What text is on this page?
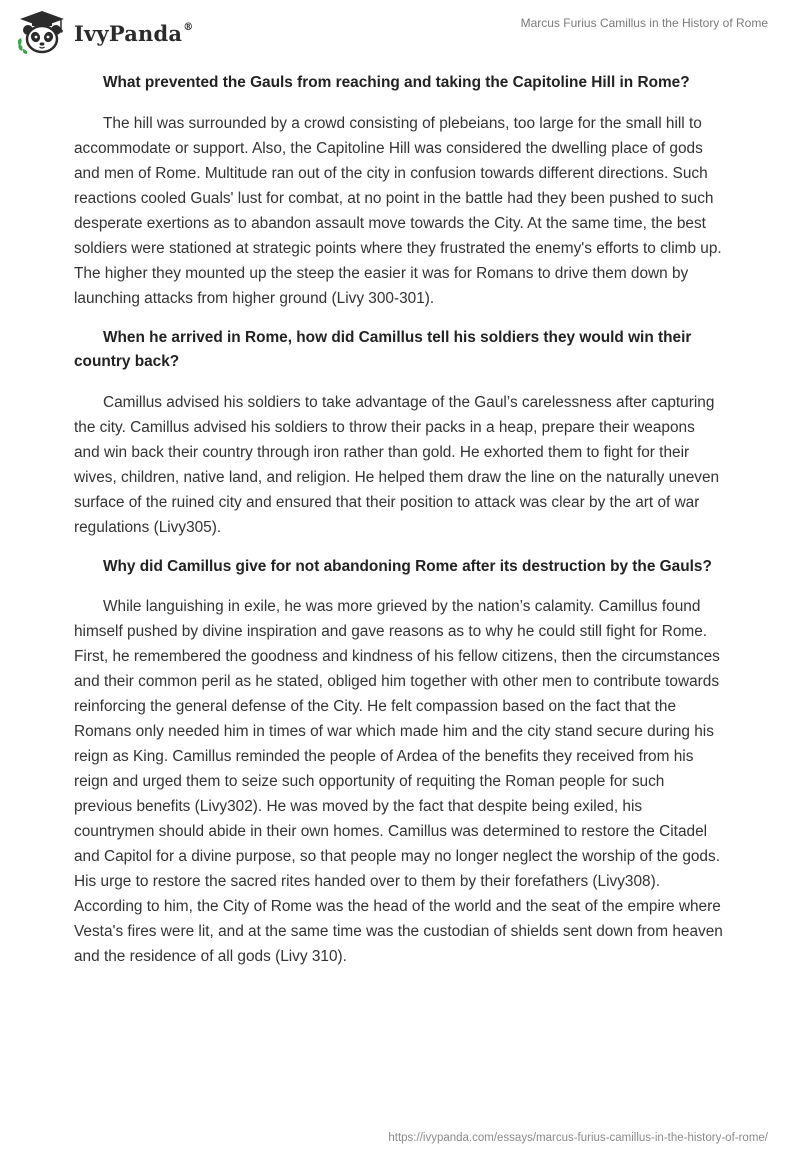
IvyPanda®	Marcus Furius Camillus in the History of Rome

What prevented the Gauls from reaching and taking the Capitoline Hill in Rome?

The hill was surrounded by a crowd consisting of plebeians, too large for the small hill to accommodate or support. Also, the Capitoline Hill was considered the dwelling place of gods and men of Rome. Multitude ran out of the city in confusion towards different directions. Such reactions cooled Guals' lust for combat, at no point in the battle had they been pushed to such desperate exertions as to abandon assault move towards the City. At the same time, the best soldiers were stationed at strategic points where they frustrated the enemy's efforts to climb up. The higher they mounted up the steep the easier it was for Romans to drive them down by launching attacks from higher ground (Livy 300-301).

When he arrived in Rome, how did Camillus tell his soldiers they would win their country back?

Camillus advised his soldiers to take advantage of the Gaul’s carelessness after capturing the city. Camillus advised his soldiers to throw their packs in a heap, prepare their weapons and win back their country through iron rather than gold. He exhorted them to fight for their wives, children, native land, and religion. He helped them draw the line on the naturally uneven surface of the ruined city and ensured that their position to attack was clear by the art of war regulations (Livy305).

Why did Camillus give for not abandoning Rome after its destruction by the Gauls?

While languishing in exile, he was more grieved by the nation’s calamity. Camillus found himself pushed by divine inspiration and gave reasons as to why he could still fight for Rome. First, he remembered the goodness and kindness of his fellow citizens, then the circumstances and their common peril as he stated, obliged him together with other men to contribute towards reinforcing the general defense of the City. He felt compassion based on the fact that the Romans only needed him in times of war which made him and the city stand secure during his reign as King. Camillus reminded the people of Ardea of the benefits they received from his reign and urged them to seize such opportunity of requiting the Roman people for such previous benefits (Livy302). He was moved by the fact that despite being exiled, his countrymen should abide in their own homes. Camillus was determined to restore the Citadel and Capitol for a divine purpose, so that people may no longer neglect the worship of the gods. His urge to restore the sacred rites handed over to them by their forefathers (Livy308). According to him, the City of Rome was the head of the world and the seat of the empire where Vesta's fires were lit, and at the same time was the custodian of shields sent down from heaven and the residence of all gods (Livy 310).

https://ivypanda.com/essays/marcus-furius-camillus-in-the-history-of-rome/
